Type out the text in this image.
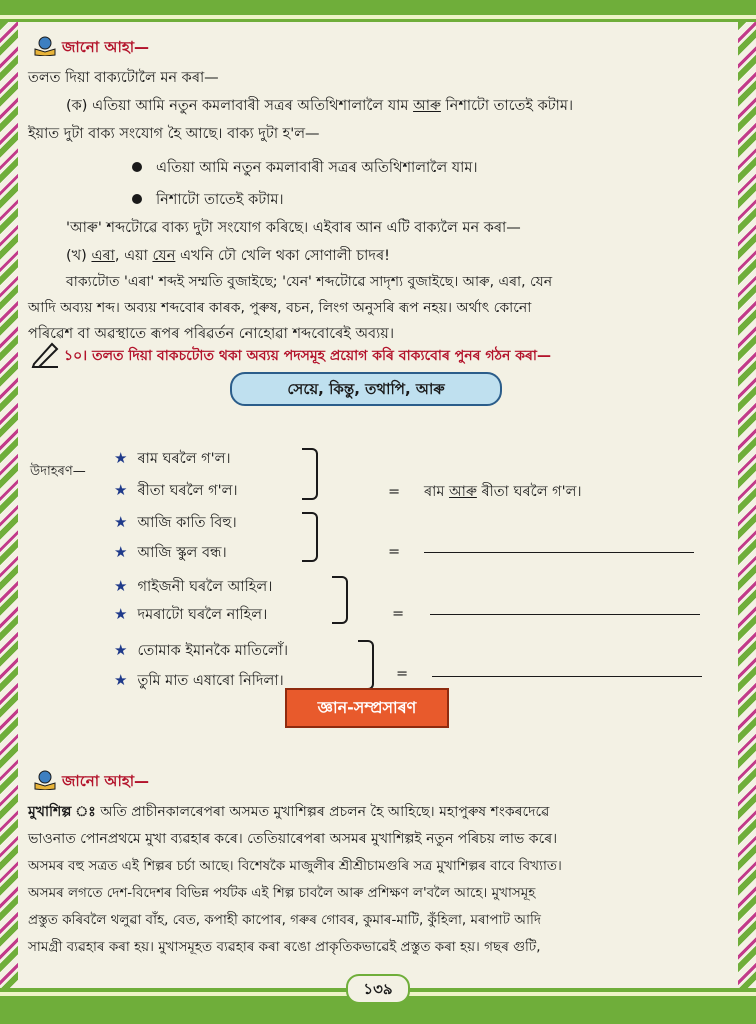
জানো আহা—
তলত দিয়া বাক্যটোলৈ মন কৰা—
(ক) এতিয়া আমি নতুন কমলাবাৰী সত্ৰৰ অতিথিশালালৈ যাম আৰু নিশাটো তাতেই কটাম।
ইয়াত দুটা বাক্য সংযোগ হৈ আছে। বাক্য দুটা হ'ল—
এতিয়া আমি নতুন কমলাবাৰী সত্ৰৰ অতিথিশালালৈ যাম।
নিশাটো তাতেই কটাম।
'আৰু' শব্দটোৱে বাক্য দুটা সংযোগ কৰিছে। এইবাৰ আন এটি বাক্যলৈ মন কৰা—
(খ) এৰা, এয়া যেন এখনি ঢৌ খেলি থকা সোণালী চাদৰ!
বাক্যটোত 'এৰা' শব্দই সম্মতি বুজাইছে; 'যেন' শব্দটোৱে সাদৃশ্য বুজাইছে। আৰু, এৰা, যেন
আদি অব্যয় শব্দ। অব্যয় শব্দবোৰ কাৰক, পুৰুষ, বচন, লিংগ অনুসৰি ৰূপ নহয়। অৰ্থাৎ কোনো
পৰিৱেশ বা অৱস্থাতে ৰূপৰ পৰিৱৰ্তন নোহোৱা শব্দবোৰেই অব্যয়।
১০। তলত দিয়া বাকচটোত থকা অব্যয় পদসমূহ প্ৰয়োগ কৰি বাক্যবোৰ পুনৰ গঠন কৰা—
সেয়ে, কিন্তু, তথাপি, আৰু
উদাহৰণ—
★ ৰাম ঘৰলৈ গ'ল।
★ ৰীতা ঘৰলৈ গ'ল।	= ৰাম আৰু ৰীতা ঘৰলৈ গ'ল।
★ আজি কাতি বিহু।
★ আজি স্কুল বন্ধ।	=
★ গাইজনী ঘৰলৈ আহিল।
★ দমৰাটো ঘৰলৈ নাহিল।	=
★ তোমাক ইমানকৈ মাতিলোঁ।
★ তুমি মাত এষাৰো নিদিলা।	=
জ্ঞান-সম্প্ৰসাৰণ
জানো আহা—
মুখাশিল্প ঃ অতি প্ৰাচীনকালৰেপৰা অসমত মুখাশিল্পৰ প্ৰচলন হৈ আহিছে। মহাপুৰুষ শংকৰদেৱে
ভাওনাত পোনপ্ৰথমে মুখা ব্যৱহাৰ কৰে। তেতিয়াৰেপৰা অসমৰ মুখাশিল্পই নতুন পৰিচয় লাভ কৰে।
অসমৰ বহু সত্ৰত এই শিল্পৰ চৰ্চা আছে। বিশেষকৈ মাজুলীৰ শ্ৰীশ্ৰীচামগুৰি সত্ৰ মুখাশিল্পৰ বাবে বিখ্যাত।
অসমৰ লগতে দেশ-বিদেশৰ বিভিন্ন পৰ্যটক এই শিল্প চাবলৈ আৰু প্ৰশিক্ষণ ল'বলৈ আহে। মুখাসমূহ
প্ৰস্তুত কৰিবলৈ থলুৱা বাঁহ, বেত, কপাহী কাপোৰ, গৰুৰ গোবৰ, কুমাৰ-মাটি, কুঁহিলা, মৰাপাট আদি
সামগ্ৰী ব্যৱহাৰ কৰা হয়। মুখাসমূহত ব্যৱহাৰ কৰা ৰঙো প্ৰাকৃতিকভাৱেই প্ৰস্তুত কৰা হয়। গছৰ গুটি,
১৩৯
